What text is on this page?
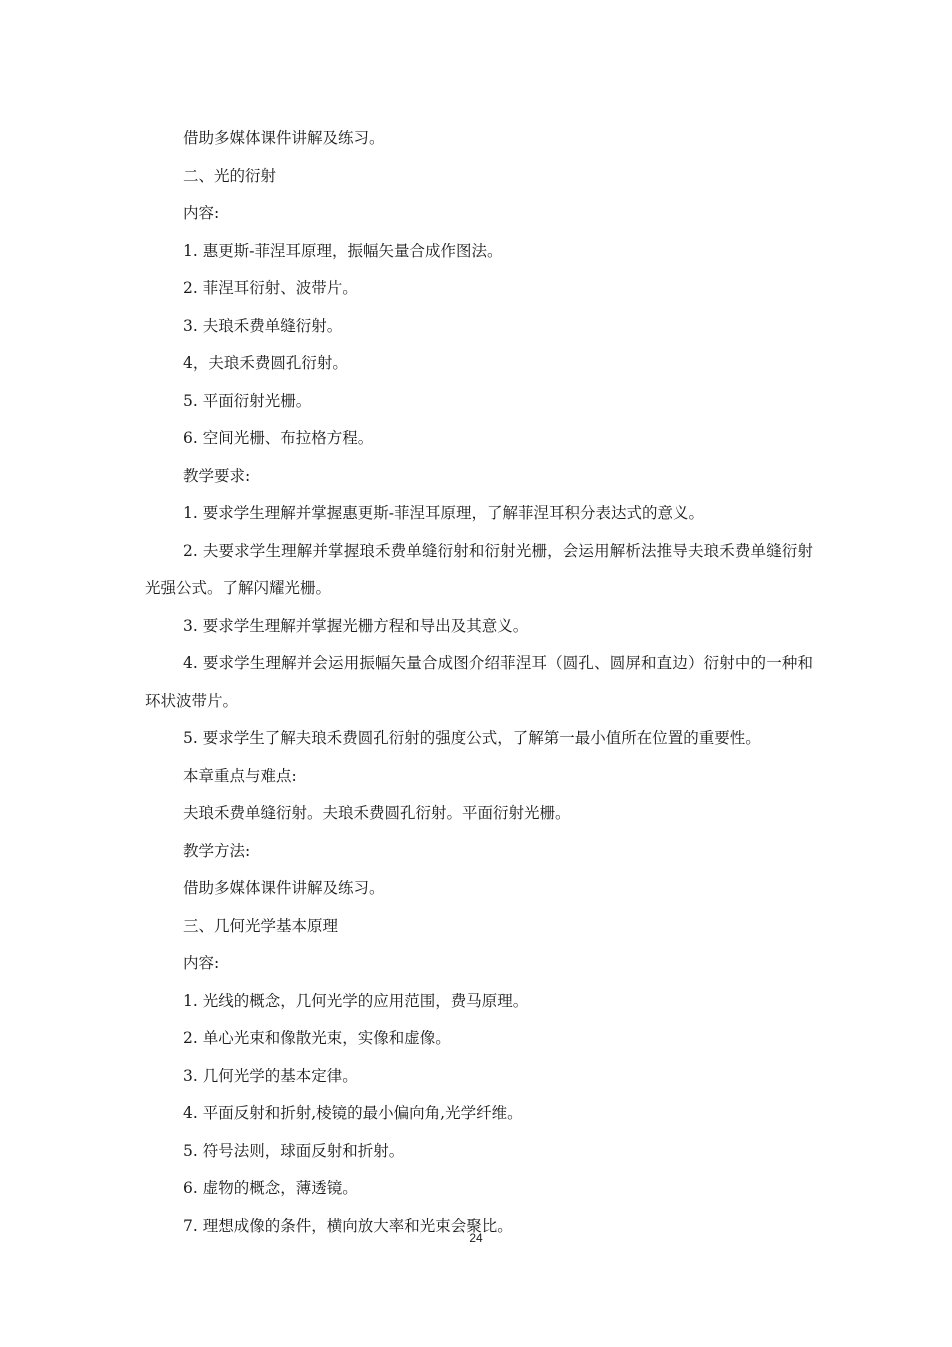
借助多媒体课件讲解及练习。
二、光的衍射
内容:
1. 惠更斯-菲涅耳原理，振幅矢量合成作图法。
2. 菲涅耳衍射、波带片。
3. 夫琅禾费单缝衍射。
4，夫琅禾费圆孔衍射。
5. 平面衍射光栅。
6. 空间光栅、布拉格方程。
教学要求:
1. 要求学生理解并掌握惠更斯-菲涅耳原理，了解菲涅耳积分表达式的意义。
2. 夫要求学生理解并掌握琅禾费单缝衍射和衍射光栅，会运用解析法推导夫琅禾费单缝衍射光强公式。了解闪耀光栅。
3. 要求学生理解并掌握光栅方程和导出及其意义。
4. 要求学生理解并会运用振幅矢量合成图介绍菲涅耳（圆孔、圆屏和直边）衍射中的一种和环状波带片。
5. 要求学生了解夫琅禾费圆孔衍射的强度公式，了解第一最小值所在位置的重要性。
本章重点与难点:
夫琅禾费单缝衍射。夫琅禾费圆孔衍射。平面衍射光栅。
教学方法:
借助多媒体课件讲解及练习。
三、几何光学基本原理
内容:
1. 光线的概念，几何光学的应用范围，费马原理。
2. 单心光束和像散光束，实像和虚像。
3. 几何光学的基本定律。
4. 平面反射和折射,棱镜的最小偏向角,光学纤维。
5. 符号法则，球面反射和折射。
6. 虚物的概念，薄透镜。
7. 理想成像的条件，横向放大率和光束会聚比。
24
